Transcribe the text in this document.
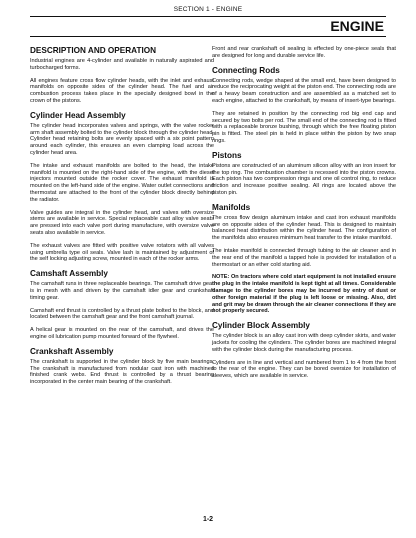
SECTION 1 - ENGINE
ENGINE
DESCRIPTION AND OPERATION

Industrial engines are 4-cylinder and available in naturally aspirated and turbocharged forms.

All engines feature cross flow cylinder heads, with the inlet and exhaust manifolds on opposite sides of the cylinder head. The fuel and air combustion process takes place in the specially designed bowl in the crown of the pistons.

Cylinder Head Assembly

The cylinder head incorporates valves and springs, with the valve rocker arm shaft assembly bolted to the cylinder block through the cylinder head. Cylinder head retaining bolts are evenly spaced with a six point pattern around each cylinder, this ensures an even clamping load across the cylinder head area.

The intake and exhaust manifolds are bolted to the head, the intake manifold is mounted on the right-hand side of the engine, with the diesel injectors mounted outside the rocker cover. The exhaust manifold is mounted on the left-hand side of the engine. Water outlet connections and thermostat are attached to the front of the cylinder block directly behind the radiator.

Valve guides are integral in the cylinder head, and valves with oversize stems are available in service. Special replaceable cast alloy valve seats are pressed into each valve port during manufacture, with oversize valve seats also available in service.

The exhaust valves are fitted with positive valve rotators with all valves using umbrella type oil seals. Valve lash is maintained by adjustment of the self locking adjusting screw, mounted in each of the rocker arms.

Camshaft Assembly

The camshaft runs in three replaceable bearings. The camshaft drive gear is in mesh with and driven by the camshaft idler gear and crankshaft timing gear.

Camshaft end thrust is controlled by a thrust plate bolted to the block, and located between the camshaft gear and the front camshaft journal.

A helical gear is mounted on the rear of the camshaft, and drives the engine oil lubrication pump mounted forward of the flywheel.

Crankshaft Assembly

The crankshaft is supported in the cylinder block by five main bearings. The crankshaft is manufactured from nodular cast iron with machined finished crank webs. End thrust is controlled by a thrust bearing incorporated in the center main bearing of the crankshaft.

Front and rear crankshaft oil sealing is effected by one-piece seals that are designed for long and durable service life.

Connecting Rods

Connecting rods, wedge shaped at the small end, have been designed to reduce the reciprocating weight at the piston end. The connecting rods are of a heavy beam construction and are assembled as a matched set to each engine, attached to the crankshaft, by means of insert-type bearings.

They are retained in position by the connecting rod big end cap and secured by two bolts per rod. The small end of the connecting rod is fitted with a replaceable bronze bushing, through which the free floating piston pin is fitted. The steel pin is held in place within the piston by two snap rings.

Pistons

Pistons are constructed of an aluminum silicon alloy with an iron insert for the top ring. The combustion chamber is recessed into the piston crowns. Each piston has two compression rings and one oil control ring, to reduce friction and increase positive sealing. All rings are located above the piston pin.

Manifolds

The cross flow design aluminum intake and cast iron exhaust manifolds are on opposite sides of the cylinder head. This is designed to maintain balanced heat distribution within the cylinder head. The configuration of the manifolds also ensures minimum heat transfer to the intake manifold.

The intake manifold is connected through tubing to the air cleaner and in the rear end of the manifold a tapped hole is provided for installation of a thermostart or an ether cold starting aid.

NOTE: On tractors where cold start equipment is not installed ensure the plug in the intake manifold is kept tight at all times. Considerable damage to the cylinder bores may be incurred by entry of dust or other foreign material if the plug is left loose or missing. Also, dirt and grit may be drawn through the air cleaner connections if they are not properly secured.

Cylinder Block Assembly

The cylinder block is an alloy cast iron with deep cylinder skirts, and water jackets for cooling the cylinders. The cylinder bores are machined integral with the cylinder block during the manufacturing process.

Cylinders are in line and vertical and numbered from 1 to 4 from the front to the rear of the engine. They can be bored oversize for installation of sleeves, which are available in service.

1-2
